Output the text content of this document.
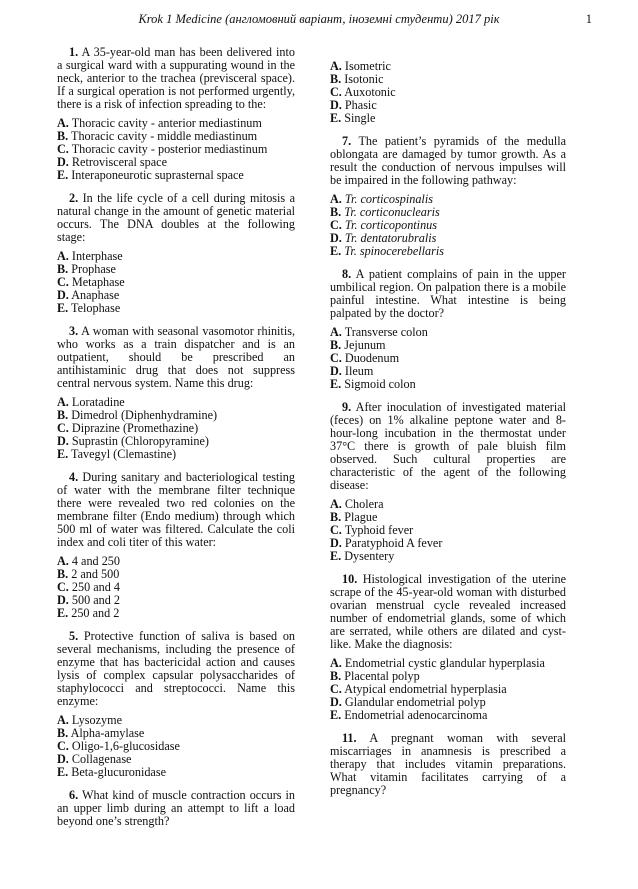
Krok 1 Medicine (англомовний варіант, іноземні студенти) 2017 рік	1

1. A 35-year-old man has been delivered into a surgical ward with a suppurating wound in the neck, anterior to the trachea (previsceral space). If a surgical operation is not performed urgently, there is a risk of infection spreading to the:

A. Thoracic cavity - anterior mediastinum
B. Thoracic cavity - middle mediastinum
C. Thoracic cavity - posterior mediastinum
D. Retrovisceral space
E. Interaponeurotic suprasternal space

2. In the life cycle of a cell during mitosis a natural change in the amount of genetic material occurs. The DNA doubles at the following stage:

A. Interphase
B. Prophase
C. Metaphase
D. Anaphase
E. Telophase

3. A woman with seasonal vasomotor rhinitis, who works as a train dispatcher and is an outpatient, should be prescribed an antihistaminic drug that does not suppress central nervous system. Name this drug:

A. Loratadine
B. Dimedrol (Diphenhydramine)
C. Diprazine (Promethazine)
D. Suprastin (Chloropyramine)
E. Tavegyl (Clemastine)

4. During sanitary and bacteriological testing of water with the membrane filter technique there were revealed two red colonies on the membrane filter (Endo medium) through which 500 ml of water was filtered. Calculate the coli index and coli titer of this water:

A. 4 and 250
B. 2 and 500
C. 250 and 4
D. 500 and 2
E. 250 and 2

5. Protective function of saliva is based on several mechanisms, including the presence of enzyme that has bactericidal action and causes lysis of complex capsular polysaccharides of staphylococci and streptococci. Name this enzyme:

A. Lysozyme
B. Alpha-amylase
C. Oligo-1,6-glucosidase
D. Collagenase
E. Beta-glucuronidase

6. What kind of muscle contraction occurs in an upper limb during an attempt to lift a load beyond one’s strength?

A. Isometric
B. Isotonic
C. Auxotonic
D. Phasic
E. Single

7. The patient’s pyramids of the medulla oblongata are damaged by tumor growth. As a result the conduction of nervous impulses will be impaired in the following pathway:

A. Tr. corticospinalis
B. Tr. corticonuclearis
C. Tr. corticopontinus
D. Tr. dentatorubralis
E. Tr. spinocerebellaris

8. A patient complains of pain in the upper umbilical region. On palpation there is a mobile painful intestine. What intestine is being palpated by the doctor?

A. Transverse colon
B. Jejunum
C. Duodenum
D. Ileum
E. Sigmoid colon

9. After inoculation of investigated material (feces) on 1% alkaline peptone water and 8-hour-long incubation in the thermostat under 37°C there is growth of pale bluish film observed. Such cultural properties are characteristic of the agent of the following disease:

A. Cholera
B. Plague
C. Typhoid fever
D. Paratyphoid A fever
E. Dysentery

10. Histological investigation of the uterine scrape of the 45-year-old woman with disturbed ovarian menstrual cycle revealed increased number of endometrial glands, some of which are serrated, while others are dilated and cyst-like. Make the diagnosis:

A. Endometrial cystic glandular hyperplasia
B. Placental polyp
C. Atypical endometrial hyperplasia
D. Glandular endometrial polyp
E. Endometrial adenocarcinoma

11. A pregnant woman with several miscarriages in anamnesis is prescribed a therapy that includes vitamin preparations. What vitamin facilitates carrying of a pregnancy?
